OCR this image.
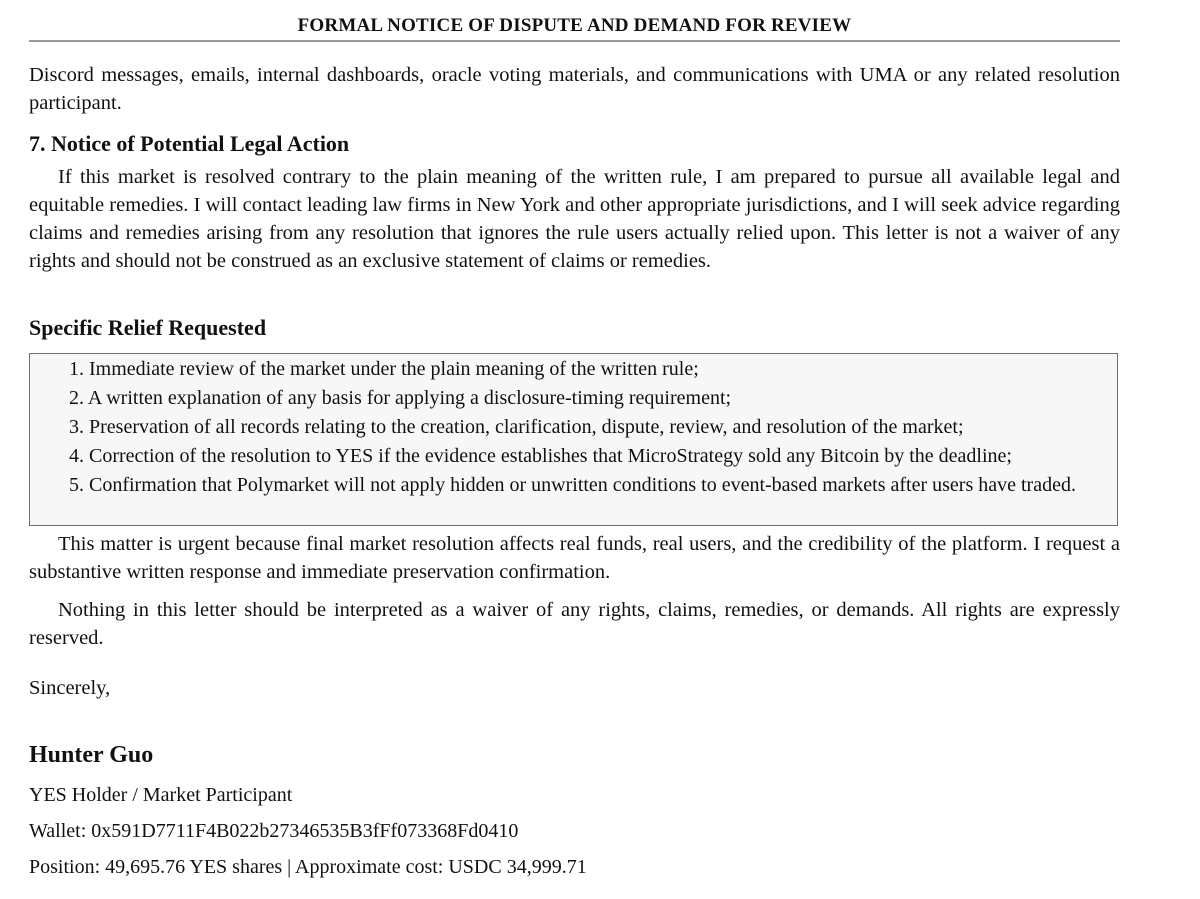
FORMAL NOTICE OF DISPUTE AND DEMAND FOR REVIEW

Discord messages, emails, internal dashboards, oracle voting materials, and communications with UMA or any related resolution participant.

7. Notice of Potential Legal Action

If this market is resolved contrary to the plain meaning of the written rule, I am prepared to pursue all available legal and equitable remedies. I will contact leading law firms in New York and other appropriate jurisdictions, and I will seek advice regarding claims and remedies arising from any resolution that ignores the rule users actually relied upon. This letter is not a waiver of any rights and should not be construed as an exclusive statement of claims or remedies.

Specific Relief Requested
1. Immediate review of the market under the plain meaning of the written rule;
2. A written explanation of any basis for applying a disclosure-timing requirement;
3. Preservation of all records relating to the creation, clarification, dispute, review, and resolution of the market;
4. Correction of the resolution to YES if the evidence establishes that MicroStrategy sold any Bitcoin by the deadline;
5. Confirmation that Polymarket will not apply hidden or unwritten conditions to event-based markets after users have traded.

This matter is urgent because final market resolution affects real funds, real users, and the credibility of the platform. I request a substantive written response and immediate preservation confirmation.

Nothing in this letter should be interpreted as a waiver of any rights, claims, remedies, or demands. All rights are expressly reserved.

Sincerely,

Hunter Guo
YES Holder / Market Participant
Wallet: 0x591D7711F4B022b27346535B3fFf073368Fd0410
Position: 49,695.76 YES shares | Approximate cost: USDC 34,999.71
